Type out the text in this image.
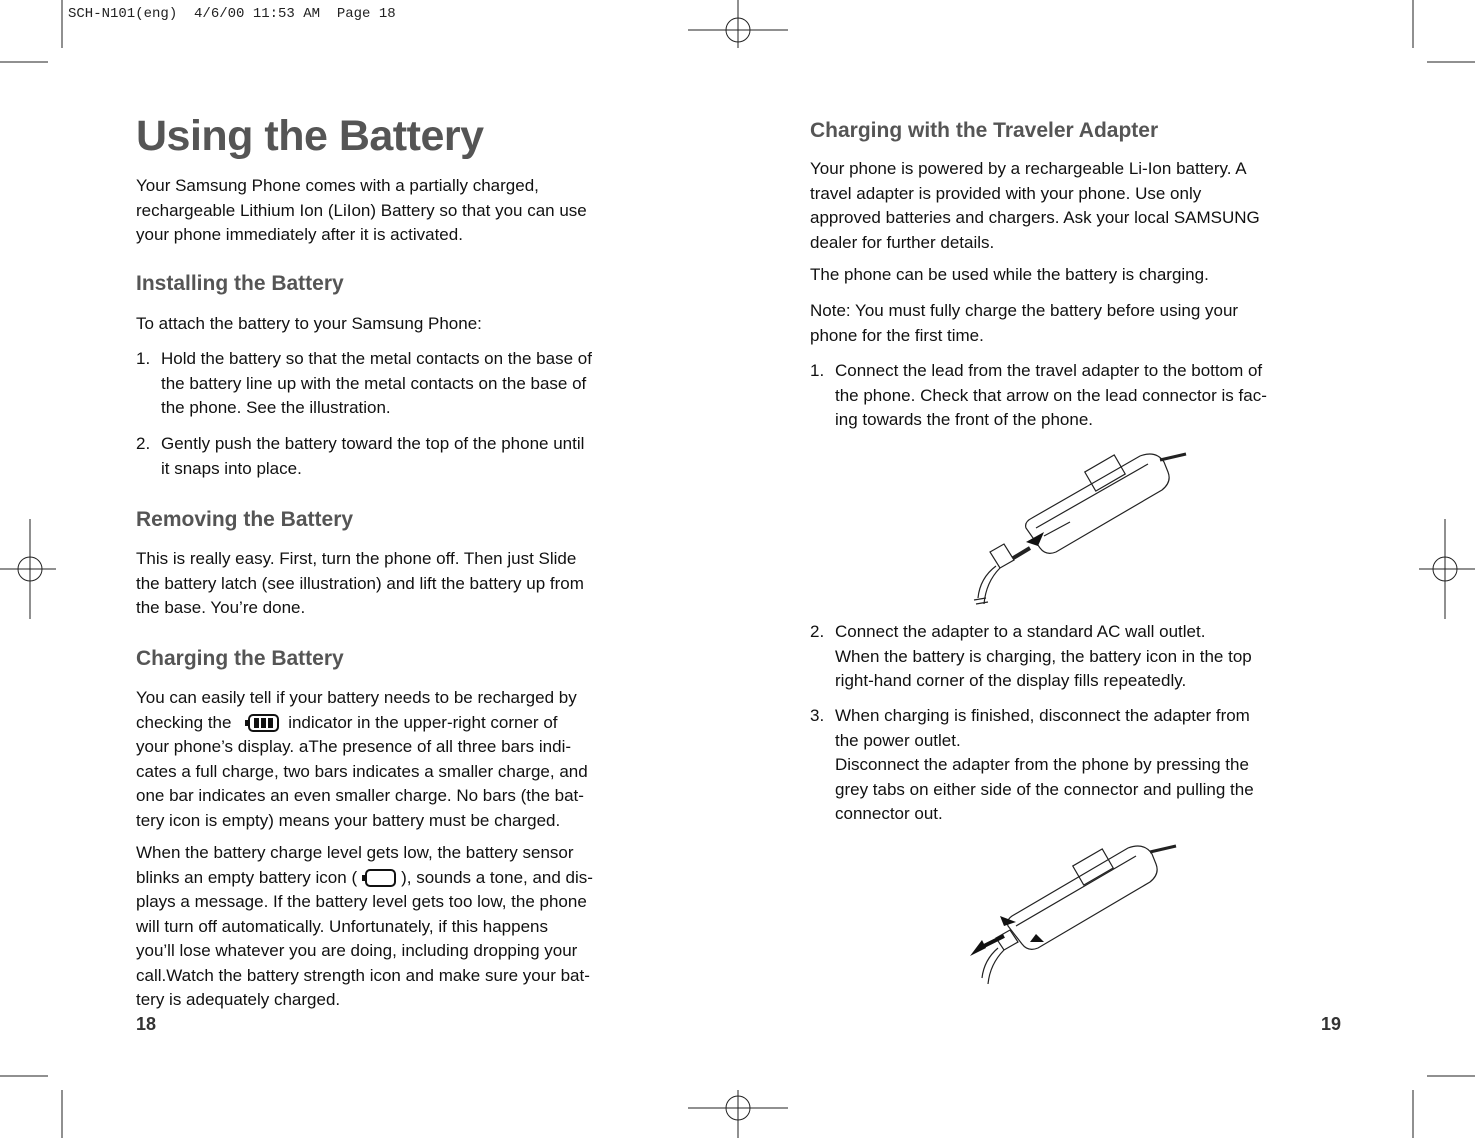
SCH-N101(eng)  4/6/00 11:53 AM  Page 18
Using the Battery
Your Samsung Phone comes with a partially charged,
rechargeable Lithium Ion (LiIon) Battery so that you can use
your phone immediately after it is activated.
Installing the Battery
To attach the battery to your Samsung Phone:
1. Hold the battery so that the metal contacts on the base of
the battery line up with the metal contacts on the base of
the phone. See the illustration.
2. Gently push the battery toward the top of the phone until
it snaps into place.
Removing the Battery
This is really easy. First, turn the phone off. Then just Slide
the battery latch (see illustration) and lift the battery up from
the base. You’re done.
Charging the Battery
You can easily tell if your battery needs to be recharged by
checking the	indicator in the upper-right corner of
your phone’s display. aThe presence of all three bars indi-
cates a full charge, two bars indicates a smaller charge, and
one bar indicates an even smaller charge. No bars (the bat-
tery icon is empty) means your battery must be charged.
When the battery charge level gets low, the battery sensor
blinks an empty battery icon (	), sounds a tone, and dis-
plays a message. If the battery level gets too low, the phone
will turn off automatically. Unfortunately, if this happens
you’ll lose whatever you are doing, including dropping your
call.Watch the battery strength icon and make sure your bat-
tery is adequately charged.
18
Charging with the Traveler Adapter
Your phone is powered by a rechargeable Li-Ion battery. A
travel adapter is provided with your phone. Use only
approved batteries and chargers. Ask your local SAMSUNG
dealer for further details.
The phone can be used while the battery is charging.
Note: You must fully charge the battery before using your
phone for the first time.
1. Connect the lead from the travel adapter to the bottom of
the phone. Check that arrow on the lead connector is fac-
ing towards the front of the phone.
2. Connect the adapter to a standard AC wall outlet.
When the battery is charging, the battery icon in the top
right-hand corner of the display fills repeatedly.
3. When charging is finished, disconnect the adapter from
the power outlet.
Disconnect the adapter from the phone by pressing the
grey tabs on either side of the connector and pulling the
connector out.
19
